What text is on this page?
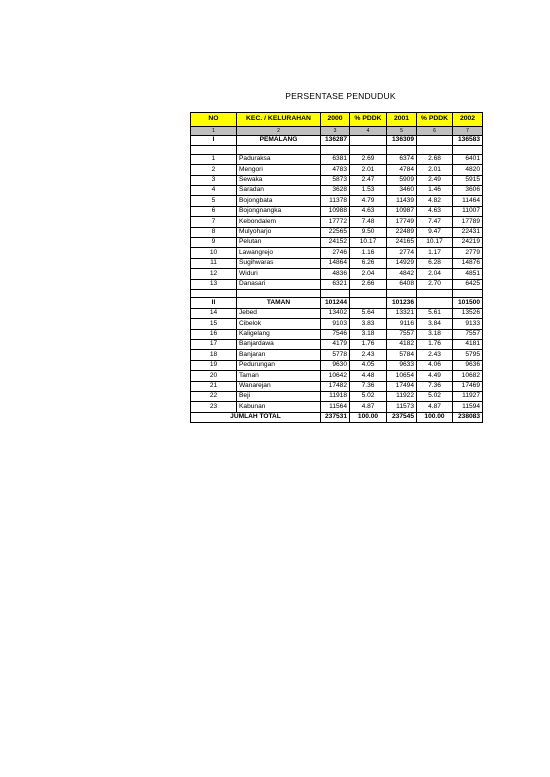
PERSENTASE PENDUDUK
NO	KEC. / KELURAHAN	2000	% PDDK	2001	% PDDK	2002
1	2	3	4	5	6	7
I	PEMALANG	136287		136309		136583

1	Paduraksa	6381	2.69	6374	2.68	6401
2	Mengori	4783	2.01	4784	2.01	4820
3	Sewaka	5873	2.47	5909	2.49	5915
4	Saradan	3628	1.53	3460	1.46	3606
5	Bojongbata	11378	4.79	11439	4.82	11464
6	Bojongnangka	10988	4.63	10987	4.63	11007
7	Kebondalem	17772	7.48	17749	7.47	17789
8	Mulyoharjo	22565	9.50	22489	9.47	22431
9	Pelutan	24152	10.17	24165	10.17	24219
10	Lawangrejo	2746	1.16	2774	1.17	2779
11	Sugihwaras	14864	6.26	14929	6.28	14876
12	Widuri	4836	2.04	4842	2.04	4851
13	Danasari	6321	2.66	6408	2.70	6425

II	TAMAN	101244		101236		101500
14	Jebed	13402	5.64	13321	5.61	13526
15	Cibelok	9103	3.83	9116	3.84	9133
16	Kaligelang	7546	3.18	7557	3.18	7557
17	Banjardawa	4179	1.76	4182	1.76	4181
18	Banjaran	5778	2.43	5784	2.43	5795
19	Pedurungan	9630	4.05	9633	4.06	9636
20	Taman	10642	4.48	10654	4.49	10682
21	Wanarejan	17482	7.36	17494	7.36	17469
22	Beji	11918	5.02	11922	5.02	11927
23	Kabunan	11564	4.87	11573	4.87	11594
JUMLAH TOTAL		237531	100.00	237545	100.00	238083
